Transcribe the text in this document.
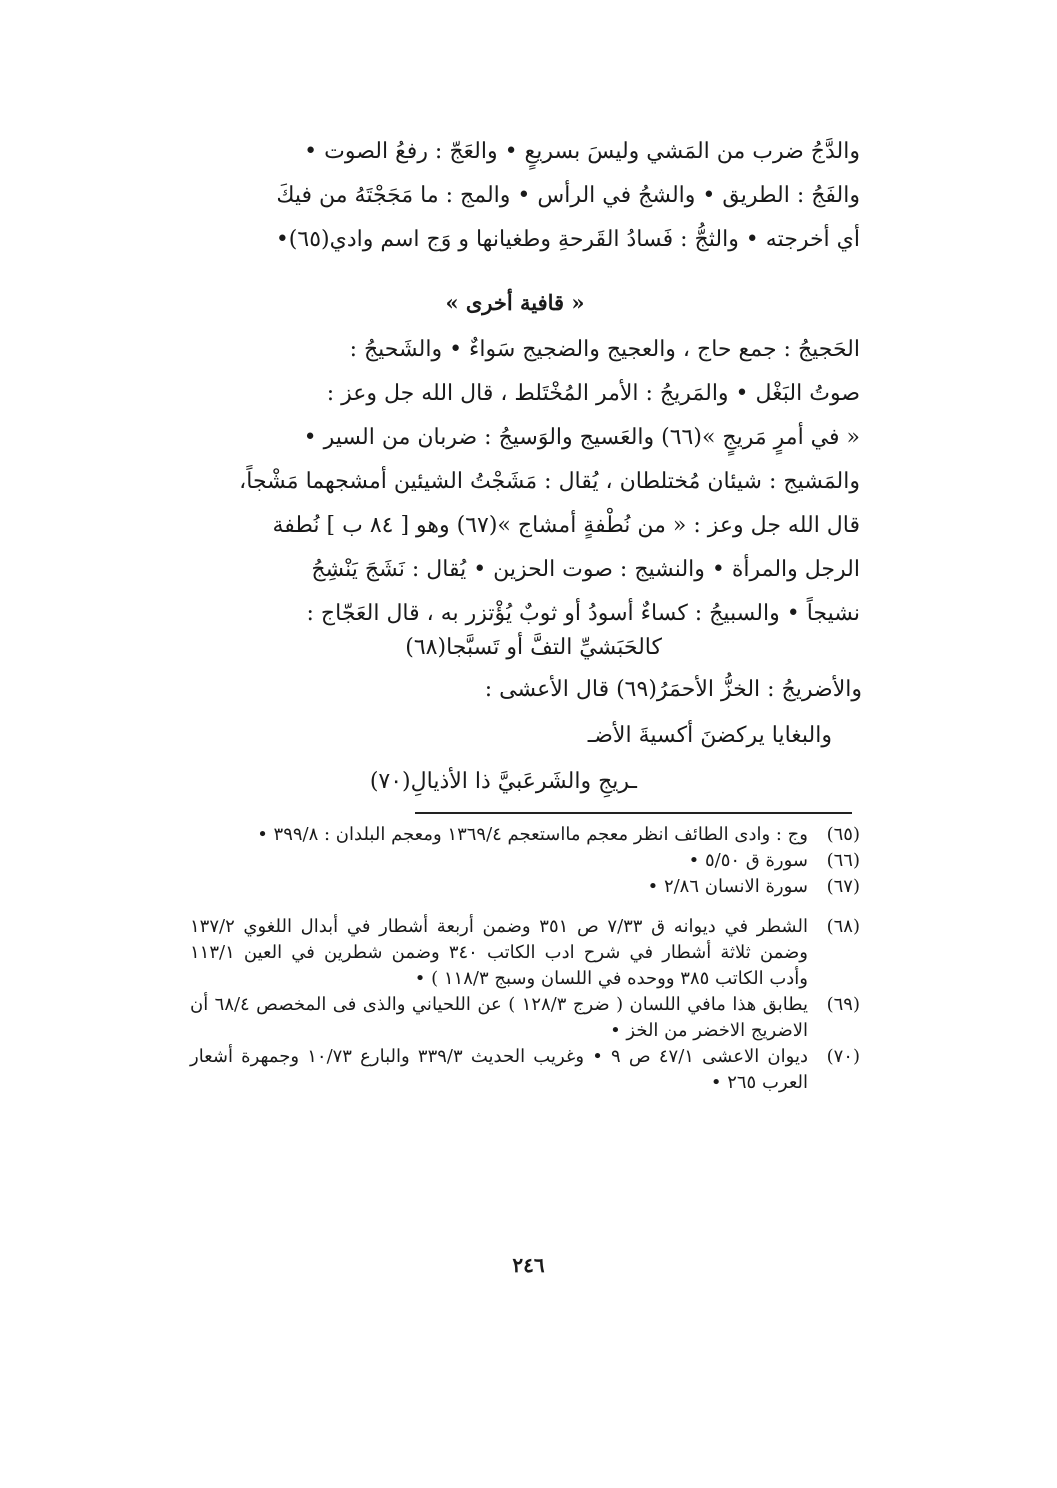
والدَّجُ ضرب من المَشي وليسَ بسريعٍ • والعَجّ : رفعُ الصوت •

والفَجُ : الطريق • والشجُ في الرأس • والمج : ما مَجَجْتَهُ من فيكَ

أي أخرجته • والثجُّ : فَسادُ القَرحةِ وطغيانها و وَج اسم وادي(٦٥)•

« قافية أخرى »

الحَجيجُ : جمع حاج ، والعجيج والضجيج سَواءٌ • والشَحيجُ :

صوتُ البَغْل • والمَريجُ : الأمر المُخْتَلط ، قال الله جل وعز :

« في أمرٍ مَريجٍ »(٦٦) والعَسيج والوَسيجُ : ضربان من السير •

والمَشيج : شيئان مُختلطان ، يُقال : مَشَجْتُ الشيئين أمشجهما مَشْجاً،

قال الله جل وعز : « من نُطْفةٍ أمشاج »(٦٧) وهو [ ٨٤ ب ] نُطفة

الرجل والمرأة • والنشيج : صوت الحزين • يُقال : نَشَجَ يَنْشِجُ

نشيجاً • والسبيجُ : كساءٌ أسودُ أو ثوبٌ يُؤْتزر به ، قال العَجّاج :

كالحَبَشيِّ التفَّ أو تَسبَّجا(٦٨)
والأضريجُ : الخزُّ الأحمَرُ(٦٩) قال الأعشى :
والبغايا يركضنَ أكسيةَ الأضـ
ـريجِ والشَرعَبيَّ ذا الأذيالِ(٧٠)
(٦٥)
وج : وادى الطائف انظر معجم مااستعجم ١٣٦٩/٤ ومعجم البلدان : ٣٩٩/٨ •
(٦٦)
سورة ق ٥/٥٠ •
(٦٧)
سورة الانسان ٢/٨٦ •
(٦٨)
الشطر في ديوانه ق ٧/٣٣ ص ٣٥١ وضمن أربعة أشطار في أبدال اللغوي ١٣٧/٢ وضمن ثلاثة أشطار في شرح ادب الكاتب ٣٤٠ وضمن شطرين في العين ١١٣/١ وأدب الكاتب ٣٨٥ ووحده في اللسان وسبج ١١٨/٣ ) •
(٦٩)
يطابق هذا مافي اللسان ( ضرج ١٢٨/٣ ) عن اللحياني والذى فى المخصص ٦٨/٤ أن الاضريج الاخضر من الخز •
(٧٠)
ديوان الاعشى ٤٧/١ ص ٩ • وغريب الحديث ٣٣٩/٣ والبارع ١٠/٧٣ وجمهرة أشعار العرب ٢٦٥ •
٢٤٦
